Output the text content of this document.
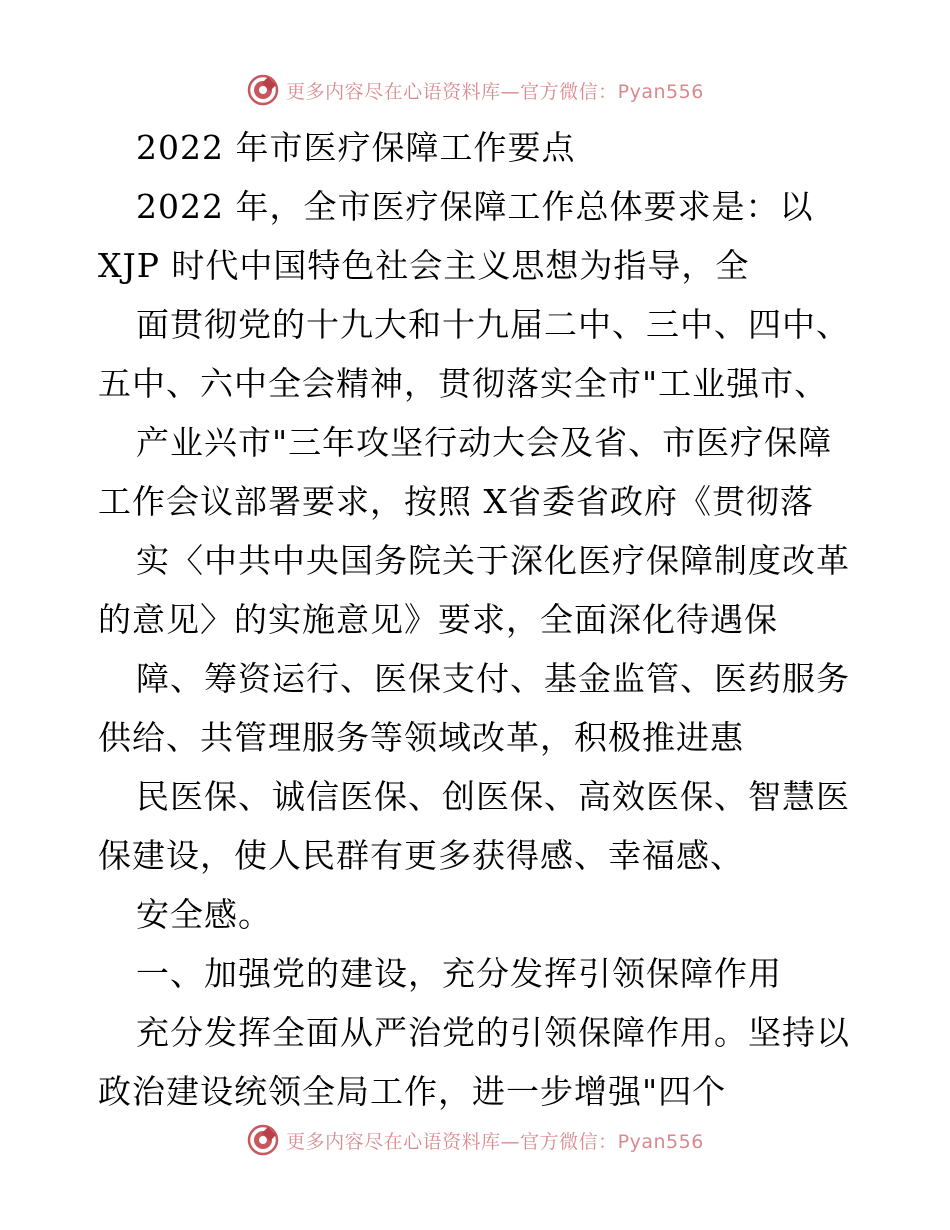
更多内容尽在心语资料库—官方微信：Pyan556
2022 年市医疗保障工作要点
2022 年，全市医疗保障工作总体要求是：以
XJP 时代中国特色社会主义思想为指导，全
面贯彻党的十九大和十九届二中、三中、四中、
五中、六中全会精神，贯彻落实全市"工业强市、
产业兴市"三年攻坚行动大会及省、市医疗保障
工作会议部署要求，按照 X省委省政府《贯彻落
实〈中共中央国务院关于深化医疗保障制度改革
的意见〉的实施意见》要求，全面深化待遇保
障、筹资运行、医保支付、基金监管、医药服务
供给、共管理服务等领域改革，积极推进惠
民医保、诚信医保、创医保、高效医保、智慧医
保建设，使人民群有更多获得感、幸福感、
安全感。
一、加强党的建设，充分发挥引领保障作用
充分发挥全面从严治党的引领保障作用。坚持以
政治建设统领全局工作，进一步增强"四个
更多内容尽在心语资料库—官方微信：Pyan556
